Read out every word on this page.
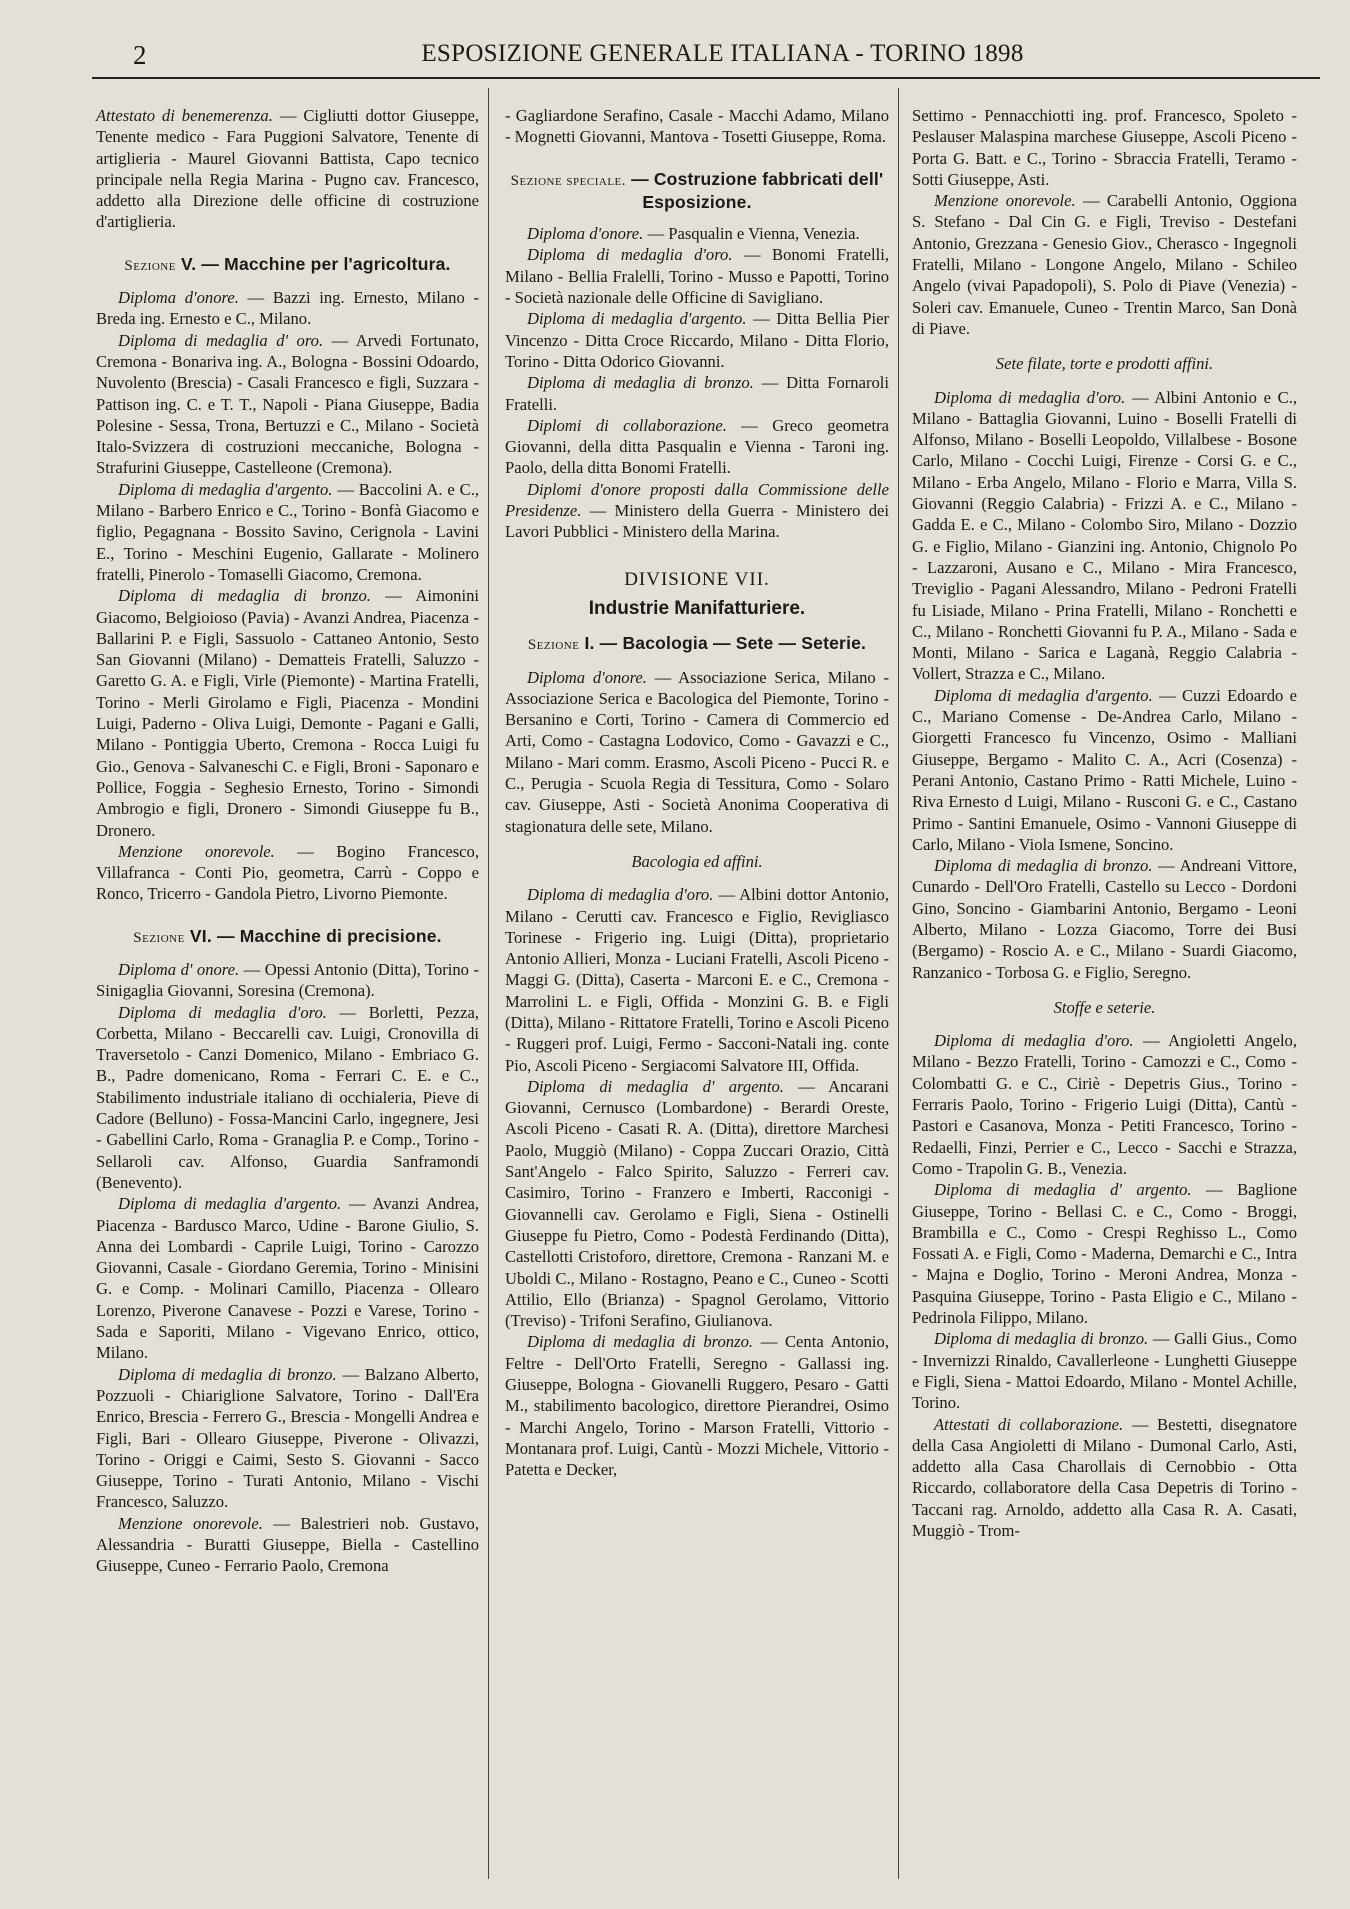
2	ESPOSIZIONE GENERALE ITALIANA - TORINO 1898

Attestato di benemerenza. — Cigliutti dottor Giuseppe, Tenente medico - Fara Puggioni Salvatore, Tenente di artiglieria - Maurel Giovanni Battista, Capo tecnico principale nella Regia Marina - Pugno cav. Francesco, addetto alla Direzione delle officine di costruzione d'artiglieria.

Sezione V. — Macchine per l'agricoltura.

Diploma d'onore. — Bazzi ing. Ernesto, Milano - Breda ing. Ernesto e C., Milano.

Diploma di medaglia d' oro. — Arvedi Fortunato, Cremona - Bonariva ing. A., Bologna - Bossini Odoardo, Nuvolento (Brescia) - Casali Francesco e figli, Suzzara - Pattison ing. C. e T. T., Napoli - Piana Giuseppe, Badia Polesine - Sessa, Trona, Bertuzzi e C., Milano - Società Italo-Svizzera di costruzioni meccaniche, Bologna - Strafurini Giuseppe, Castelleone (Cremona).

Diploma di medaglia d'argento. — Baccolini A. e C., Milano - Barbero Enrico e C., Torino - Bonfà Giacomo e figlio, Pegagnana - Bossito Savino, Cerignola - Lavini E., Torino - Meschini Eugenio, Gallarate - Molinero fratelli, Pinerolo - Tomaselli Giacomo, Cremona.

Diploma di medaglia di bronzo. — Aimonini Giacomo, Belgioioso (Pavia) - Avanzi Andrea, Piacenza - Ballarini P. e Figli, Sassuolo - Cattaneo Antonio, Sesto San Giovanni (Milano) - Dematteis Fratelli, Saluzzo - Garetto G. A. e Figli, Virle (Piemonte) - Martina Fratelli, Torino - Merli Girolamo e Figli, Piacenza - Mondini Luigi, Paderno - Oliva Luigi, Demonte - Pagani e Galli, Milano - Pontiggia Uberto, Cremona - Rocca Luigi fu Gio., Genova - Salvaneschi C. e Figli, Broni - Saponaro e Pollice, Foggia - Seghesio Ernesto, Torino - Simondi Ambrogio e figli, Dronero - Simondi Giuseppe fu B., Dronero.

Menzione onorevole. — Bogino Francesco, Villafranca - Conti Pio, geometra, Carrù - Coppo e Ronco, Tricerro - Gandola Pietro, Livorno Piemonte.

Sezione VI. — Macchine di precisione.

Diploma d' onore. — Opessi Antonio (Ditta), Torino - Sinigaglia Giovanni, Soresina (Cremona).

Diploma di medaglia d'oro. — Borletti, Pezza, Corbetta, Milano - Beccarelli cav. Luigi, Cronovilla di Traversetolo - Canzi Domenico, Milano - Embriaco G. B., Padre domenicano, Roma - Ferrari C. E. e C., Stabilimento industriale italiano di occhialeria, Pieve di Cadore (Belluno) - Fossa-Mancini Carlo, ingegnere, Jesi - Gabellini Carlo, Roma - Granaglia P. e Comp., Torino - Sellaroli cav. Alfonso, Guardia Sanframondi (Benevento).

Diploma di medaglia d'argento. — Avanzi Andrea, Piacenza - Bardusco Marco, Udine - Barone Giulio, S. Anna dei Lombardi - Caprile Luigi, Torino - Carozzo Giovanni, Casale - Giordano Geremia, Torino - Minisini G. e Comp. - Molinari Camillo, Piacenza - Ollearo Lorenzo, Piverone Canavese - Pozzi e Varese, Torino - Sada e Saporiti, Milano - Vigevano Enrico, ottico, Milano.

Diploma di medaglia di bronzo. — Balzano Alberto, Pozzuoli - Chiariglione Salvatore, Torino - Dall'Era Enrico, Brescia - Ferrero G., Brescia - Mongelli Andrea e Figli, Bari - Ollearo Giuseppe, Piverone - Olivazzi, Torino - Origgi e Caimi, Sesto S. Giovanni - Sacco Giuseppe, Torino - Turati Antonio, Milano - Vischi Francesco, Saluzzo.

Menzione onorevole. — Balestrieri nob. Gustavo, Alessandria - Buratti Giuseppe, Biella - Castellino Giuseppe, Cuneo - Ferrario Paolo, Cremona

- Gagliardone Serafino, Casale - Macchi Adamo, Milano - Mognetti Giovanni, Mantova - Tosetti Giuseppe, Roma.

Sezione speciale. — Costruzione fabbricati dell' Esposizione.

Diploma d'onore. — Pasqualin e Vienna, Venezia.

Diploma di medaglia d'oro. — Bonomi Fratelli, Milano - Bellia Fralelli, Torino - Musso e Papotti, Torino - Società nazionale delle Officine di Savigliano.

Diploma di medaglia d'argento. — Ditta Bellia Pier Vincenzo - Ditta Croce Riccardo, Milano - Ditta Florio, Torino - Ditta Odorico Giovanni.

Diploma di medaglia di bronzo. — Ditta Fornaroli Fratelli.

Diplomi di collaborazione. — Greco geometra Giovanni, della ditta Pasqualin e Vienna - Taroni ing. Paolo, della ditta Bonomi Fratelli.

Diplomi d'onore proposti dalla Commissione delle Presidenze. — Ministero della Guerra - Ministero dei Lavori Pubblici - Ministero della Marina.

DIVISIONE VII.
Industrie Manifatturiere.
Sezione I. — Bacologia — Sete — Seterie.

Diploma d'onore. — Associazione Serica, Milano - Associazione Serica e Bacologica del Piemonte, Torino - Bersanino e Corti, Torino - Camera di Commercio ed Arti, Como - Castagna Lodovico, Como - Gavazzi e C., Milano - Mari comm. Erasmo, Ascoli Piceno - Pucci R. e C., Perugia - Scuola Regia di Tessitura, Como - Solaro cav. Giuseppe, Asti - Società Anonima Cooperativa di stagionatura delle sete, Milano.

Bacologia ed affini.

Diploma di medaglia d'oro. — Albini dottor Antonio, Milano - Cerutti cav. Francesco e Figlio, Revigliasco Torinese - Frigerio ing. Luigi (Ditta), proprietario Antonio Allieri, Monza - Luciani Fratelli, Ascoli Piceno - Maggi G. (Ditta), Caserta - Marconi E. e C., Cremona - Marrolini L. e Figli, Offida - Monzini G. B. e Figli (Ditta), Milano - Rittatore Fratelli, Torino e Ascoli Piceno - Ruggeri prof. Luigi, Fermo - Sacconi-Natali ing. conte Pio, Ascoli Piceno - Sergiacomi Salvatore III, Offida.

Diploma di medaglia d' argento. — Ancarani Giovanni, Cernusco (Lombardone) - Berardi Oreste, Ascoli Piceno - Casati R. A. (Ditta), direttore Marchesi Paolo, Muggiò (Milano) - Coppa Zuccari Orazio, Città Sant'Angelo - Falco Spirito, Saluzzo - Ferreri cav. Casimiro, Torino - Franzero e Imberti, Racconigi - Giovannelli cav. Gerolamo e Figli, Siena - Ostinelli Giuseppe fu Pietro, Como - Podestà Ferdinando (Ditta), Castellotti Cristoforo, direttore, Cremona - Ranzani M. e Uboldi C., Milano - Rostagno, Peano e C., Cuneo - Scotti Attilio, Ello (Brianza) - Spagnol Gerolamo, Vittorio (Treviso) - Trifoni Serafino, Giulianova.

Diploma di medaglia di bronzo. — Centa Antonio, Feltre - Dell'Orto Fratelli, Seregno - Gallassi ing. Giuseppe, Bologna - Giovanelli Ruggero, Pesaro - Gatti M., stabilimento bacologico, direttore Pierandrei, Osimo - Marchi Angelo, Torino - Marson Fratelli, Vittorio - Montanara prof. Luigi, Cantù - Mozzi Michele, Vittorio - Patetta e Decker,

Settimo - Pennacchiotti ing. prof. Francesco, Spoleto - Peslauser Malaspina marchese Giuseppe, Ascoli Piceno - Porta G. Batt. e C., Torino - Sbraccia Fratelli, Teramo - Sotti Giuseppe, Asti.

Menzione onorevole. — Carabelli Antonio, Oggiona S. Stefano - Dal Cin G. e Figli, Treviso - Destefani Antonio, Grezzana - Genesio Giov., Cherasco - Ingegnoli Fratelli, Milano - Longone Angelo, Milano - Schileo Angelo (vivai Papadopoli), S. Polo di Piave (Venezia) - Soleri cav. Emanuele, Cuneo - Trentin Marco, San Donà di Piave.

Sete filate, torte e prodotti affini.

Diploma di medaglia d'oro. — Albini Antonio e C., Milano - Battaglia Giovanni, Luino - Boselli Fratelli di Alfonso, Milano - Boselli Leopoldo, Villalbese - Bosone Carlo, Milano - Cocchi Luigi, Firenze - Corsi G. e C., Milano - Erba Angelo, Milano - Florio e Marra, Villa S. Giovanni (Reggio Calabria) - Frizzi A. e C., Milano - Gadda E. e C., Milano - Colombo Siro, Milano - Dozzio G. e Figlio, Milano - Gianzini ing. Antonio, Chignolo Po - Lazzaroni, Ausano e C., Milano - Mira Francesco, Treviglio - Pagani Alessandro, Milano - Pedroni Fratelli fu Lisiade, Milano - Prina Fratelli, Milano - Ronchetti e C., Milano - Ronchetti Giovanni fu P. A., Milano - Sada e Monti, Milano - Sarica e Laganà, Reggio Calabria - Vollert, Strazza e C., Milano.

Diploma di medaglia d'argento. — Cuzzi Edoardo e C., Mariano Comense - De-Andrea Carlo, Milano - Giorgetti Francesco fu Vincenzo, Osimo - Malliani Giuseppe, Bergamo - Malito C. A., Acri (Cosenza) - Perani Antonio, Castano Primo - Ratti Michele, Luino - Riva Ernesto d Luigi, Milano - Rusconi G. e C., Castano Primo - Santini Emanuele, Osimo - Vannoni Giuseppe di Carlo, Milano - Viola Ismene, Soncino.

Diploma di medaglia di bronzo. — Andreani Vittore, Cunardo - Dell'Oro Fratelli, Castello su Lecco - Dordoni Gino, Soncino - Giambarini Antonio, Bergamo - Leoni Alberto, Milano - Lozza Giacomo, Torre dei Busi (Bergamo) - Roscio A. e C., Milano - Suardi Giacomo, Ranzanico - Torbosa G. e Figlio, Seregno.

Stoffe e seterie.

Diploma di medaglia d'oro. — Angioletti Angelo, Milano - Bezzo Fratelli, Torino - Camozzi e C., Como - Colombatti G. e C., Ciriè - Depetris Gius., Torino - Ferraris Paolo, Torino - Frigerio Luigi (Ditta), Cantù - Pastori e Casanova, Monza - Petiti Francesco, Torino - Redaelli, Finzi, Perrier e C., Lecco - Sacchi e Strazza, Como - Trapolin G. B., Venezia.

Diploma di medaglia d' argento. — Baglione Giuseppe, Torino - Bellasi C. e C., Como - Broggi, Brambilla e C., Como - Crespi Reghisso L., Como Fossati A. e Figli, Como - Maderna, Demarchi e C., Intra - Majna e Doglio, Torino - Meroni Andrea, Monza - Pasquina Giuseppe, Torino - Pasta Eligio e C., Milano - Pedrinola Filippo, Milano.

Diploma di medaglia di bronzo. — Galli Gius., Como - Invernizzi Rinaldo, Cavallerleone - Lunghetti Giuseppe e Figli, Siena - Mattoi Edoardo, Milano - Montel Achille, Torino.

Attestati di collaborazione. — Bestetti, disegnatore della Casa Angioletti di Milano - Dumonal Carlo, Asti, addetto alla Casa Charollais di Cernobbio - Otta Riccardo, collaboratore della Casa Depetris di Torino - Taccani rag. Arnoldo, addetto alla Casa R. A. Casati, Muggiò - Trom-
